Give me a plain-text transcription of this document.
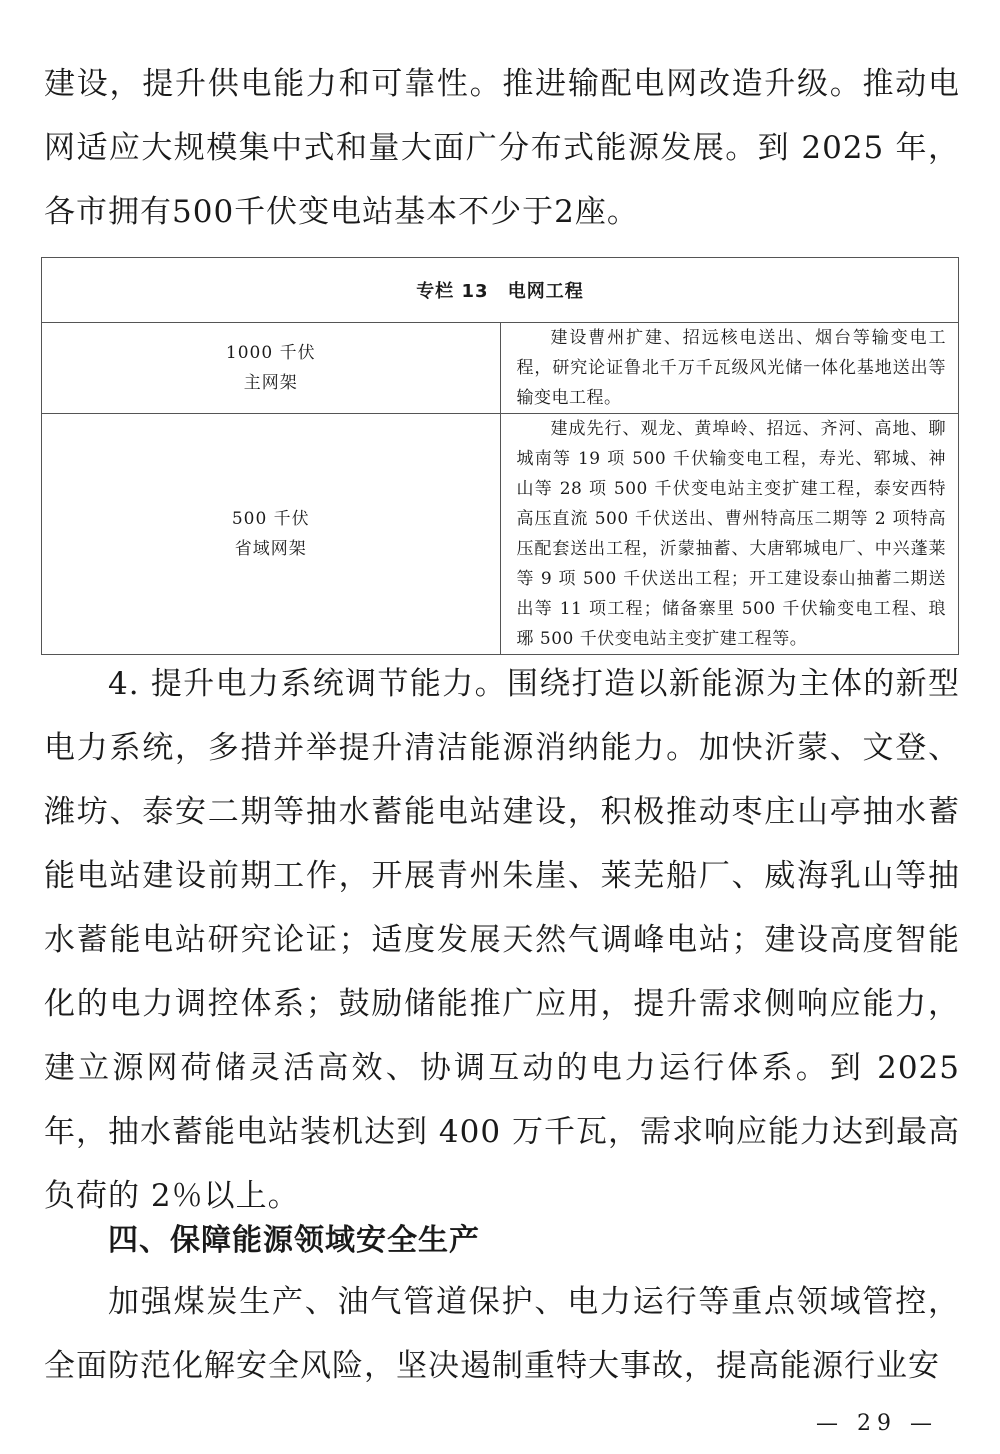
建设，提升供电能力和可靠性。推进输配电网改造升级。推动电网适应大规模集中式和量大面广分布式能源发展。到 2025 年，各市拥有500千伏变电站基本不少于2座。

专栏 13 电网工程	

1000 千伏
主网架	建设曹州扩建、招远核电送出、烟台等输变电工程，研究论证鲁北千万千瓦级风光储一体化基地送出等输变电工程。

500 千伏
省域网架	建成先行、观龙、黄埠岭、招远、齐河、高地、聊城南等 19 项 500 千伏输变电工程，寿光、郓城、神山等 28 项 500 千伏变电站主变扩建工程，泰安西特高压直流 500 千伏送出、曹州特高压二期等 2 项特高压配套送出工程，沂蒙抽蓄、大唐郓城电厂、中兴蓬莱等 9 项 500 千伏送出工程；开工建设泰山抽蓄二期送出等 11 项工程；储备寨里 500 千伏输变电工程、琅琊 500 千伏变电站主变扩建工程等。

4. 提升电力系统调节能力。围绕打造以新能源为主体的新型电力系统，多措并举提升清洁能源消纳能力。加快沂蒙、文登、潍坊、泰安二期等抽水蓄能电站建设，积极推动枣庄山亭抽水蓄能电站建设前期工作，开展青州朱崖、莱芜船厂、威海乳山等抽水蓄能电站研究论证；适度发展天然气调峰电站；建设高度智能化的电力调控体系；鼓励储能推广应用，提升需求侧响应能力，建立源网荷储灵活高效、协调互动的电力运行体系。到 2025 年，抽水蓄能电站装机达到 400 万千瓦，需求响应能力达到最高负荷的 2％以上。

四、保障能源领域安全生产

加强煤炭生产、油气管道保护、电力运行等重点领域管控，全面防范化解安全风险，坚决遏制重特大事故，提高能源行业安

— 29 —
